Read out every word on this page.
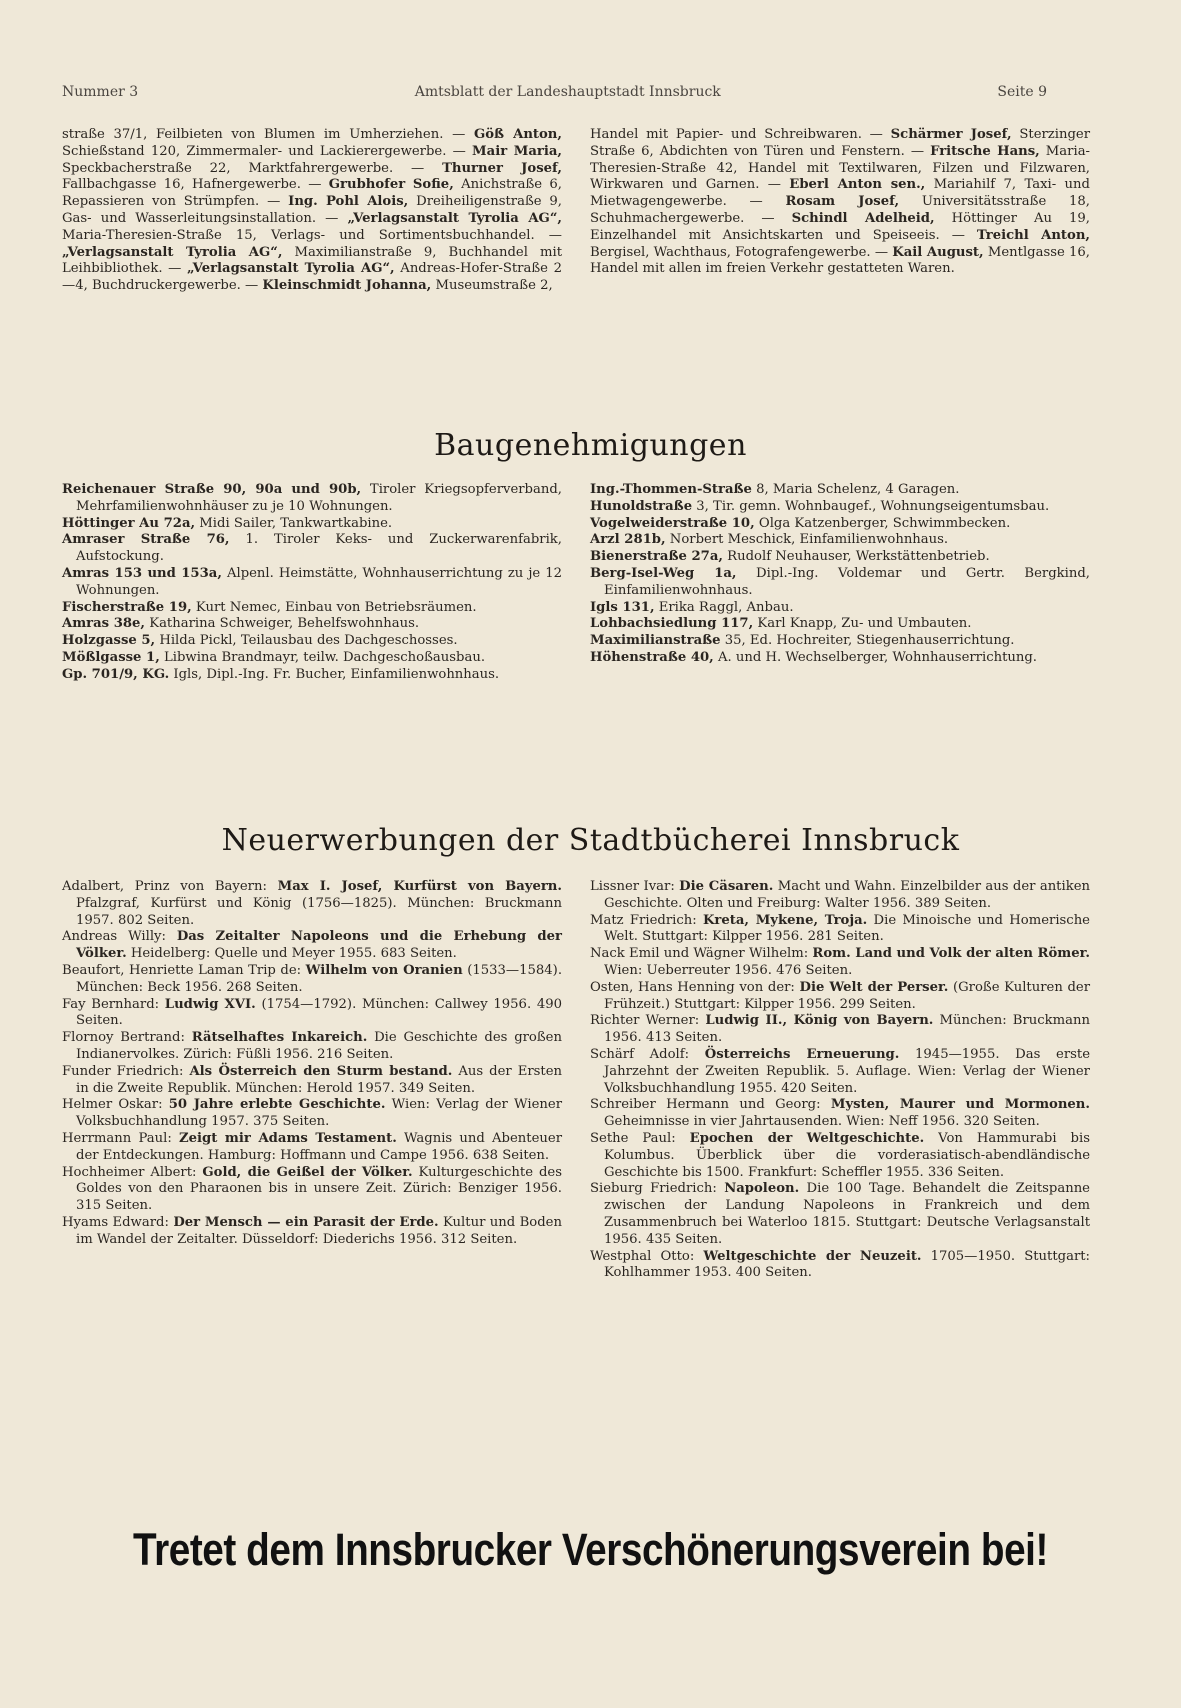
Nummer 3	Amtsblatt der Landeshauptstadt Innsbruck	Seite 9

straße 37/1, Feilbieten von Blumen im Umherziehen. — Göß Anton, Schießstand 120, Zimmermaler- und Lackierergewerbe. — Mair Maria, Speckbacherstraße 22, Marktfahrergewerbe. — Thurner Josef, Fallbachgasse 16, Hafnergewerbe. — Grubhofer Sofie, Anichstraße 6, Repassieren von Strümpfen. — Ing. Pohl Alois, Dreiheiligenstraße 9, Gas- und Wasserleitungsinstallation. — „Verlagsanstalt Tyrolia AG“, Maria-Theresien-Straße 15, Verlags- und Sortimentsbuchhandel. — „Verlagsanstalt Tyrolia AG“, Maximilianstraße 9, Buchhandel mit Leihbibliothek. — „Verlagsanstalt Tyrolia AG“, Andreas-Hofer-Straße 2—4, Buchdruckergewerbe. — Kleinschmidt Johanna, Museumstraße 2,

Handel mit Papier- und Schreibwaren. — Schärmer Josef, Sterzinger Straße 6, Abdichten von Türen und Fenstern. — Fritsche Hans, Maria-Theresien-Straße 42, Handel mit Textilwaren, Filzen und Filzwaren, Wirkwaren und Garnen. — Eberl Anton sen., Mariahilf 7, Taxi- und Mietwagengewerbe. — Rosam Josef, Universitätsstraße 18, Schuhmachergewerbe. — Schindl Adelheid, Höttinger Au 19, Einzelhandel mit Ansichtskarten und Speiseeis. — Treichl Anton, Bergisel, Wachthaus, Fotografengewerbe. — Kail August, Mentlgasse 16, Handel mit allen im freien Verkehr gestatteten Waren.

Baugenehmigungen

Reichenauer Straße 90, 90a und 90b, Tiroler Kriegsopferverband, Mehrfamilienwohnhäuser zu je 10 Wohnungen.

Höttinger Au 72a, Midi Sailer, Tankwartkabine.

Amraser Straße 76, 1. Tiroler Keks- und Zuckerwarenfabrik, Aufstockung.

Amras 153 und 153a, Alpenl. Heimstätte, Wohnhauserrichtung zu je 12 Wohnungen.

Fischerstraße 19, Kurt Nemec, Einbau von Betriebsräumen.

Amras 38e, Katharina Schweiger, Behelfswohnhaus.

Holzgasse 5, Hilda Pickl, Teilausbau des Dachgeschosses.

Mößlgasse 1, Libwina Brandmayr, teilw. Dachgeschoßausbau.

Gp. 701/9, KG. Igls, Dipl.-Ing. Fr. Bucher, Einfamilienwohnhaus.

Ing.-Thommen-Straße 8, Maria Schelenz, 4 Garagen.

Hunoldstraße 3, Tir. gemn. Wohnbaugef., Wohnungseigentumsbau.

Vogelweiderstraße 10, Olga Katzenberger, Schwimmbecken.

Arzl 281b, Norbert Meschick, Einfamilienwohnhaus.

Bienerstraße 27a, Rudolf Neuhauser, Werkstättenbetrieb.

Berg-Isel-Weg 1a, Dipl.-Ing. Voldemar und Gertr. Bergkind, Einfamilienwohnhaus.

Igls 131, Erika Raggl, Anbau.

Lohbachsiedlung 117, Karl Knapp, Zu- und Umbauten.

Maximilianstraße 35, Ed. Hochreiter, Stiegenhauserrichtung.

Höhenstraße 40, A. und H. Wechselberger, Wohnhauserrichtung.

Neuerwerbungen der Stadtbücherei Innsbruck

Adalbert, Prinz von Bayern: Max I. Josef, Kurfürst von Bayern. Pfalzgraf, Kurfürst und König (1756—1825). München: Bruckmann 1957. 802 Seiten.

Andreas Willy: Das Zeitalter Napoleons und die Erhebung der Völker. Heidelberg: Quelle und Meyer 1955. 683 Seiten.

Beaufort, Henriette Laman Trip de: Wilhelm von Oranien (1533—1584). München: Beck 1956. 268 Seiten.

Fay Bernhard: Ludwig XVI. (1754—1792). München: Callwey 1956. 490 Seiten.

Flornoy Bertrand: Rätselhaftes Inkareich. Die Geschichte des großen Indianervolkes. Zürich: Füßli 1956. 216 Seiten.

Funder Friedrich: Als Österreich den Sturm bestand. Aus der Ersten in die Zweite Republik. München: Herold 1957. 349 Seiten.

Helmer Oskar: 50 Jahre erlebte Geschichte. Wien: Verlag der Wiener Volksbuchhandlung 1957. 375 Seiten.

Herrmann Paul: Zeigt mir Adams Testament. Wagnis und Abenteuer der Entdeckungen. Hamburg: Hoffmann und Campe 1956. 638 Seiten.

Hochheimer Albert: Gold, die Geißel der Völker. Kulturgeschichte des Goldes von den Pharaonen bis in unsere Zeit. Zürich: Benziger 1956. 315 Seiten.

Hyams Edward: Der Mensch — ein Parasit der Erde. Kultur und Boden im Wandel der Zeitalter. Düsseldorf: Diederichs 1956. 312 Seiten.

Lissner Ivar: Die Cäsaren. Macht und Wahn. Einzelbilder aus der antiken Geschichte. Olten und Freiburg: Walter 1956. 389 Seiten.

Matz Friedrich: Kreta, Mykene, Troja. Die Minoische und Homerische Welt. Stuttgart: Kilpper 1956. 281 Seiten.

Nack Emil und Wägner Wilhelm: Rom. Land und Volk der alten Römer. Wien: Ueberreuter 1956. 476 Seiten.

Osten, Hans Henning von der: Die Welt der Perser. (Große Kulturen der Frühzeit.) Stuttgart: Kilpper 1956. 299 Seiten.

Richter Werner: Ludwig II., König von Bayern. München: Bruckmann 1956. 413 Seiten.

Schärf Adolf: Österreichs Erneuerung. 1945—1955. Das erste Jahrzehnt der Zweiten Republik. 5. Auflage. Wien: Verlag der Wiener Volksbuchhandlung 1955. 420 Seiten.

Schreiber Hermann und Georg: Mysten, Maurer und Mormonen. Geheimnisse in vier Jahrtausenden. Wien: Neff 1956. 320 Seiten.

Sethe Paul: Epochen der Weltgeschichte. Von Hammurabi bis Kolumbus. Überblick über die vorderasiatisch-abendländische Geschichte bis 1500. Frankfurt: Scheffler 1955. 336 Seiten.

Sieburg Friedrich: Napoleon. Die 100 Tage. Behandelt die Zeitspanne zwischen der Landung Napoleons in Frankreich und dem Zusammenbruch bei Waterloo 1815. Stuttgart: Deutsche Verlagsanstalt 1956. 435 Seiten.

Westphal Otto: Weltgeschichte der Neuzeit. 1705—1950. Stuttgart: Kohlhammer 1953. 400 Seiten.

Tretet dem Innsbrucker Verschönerungsverein bei!
